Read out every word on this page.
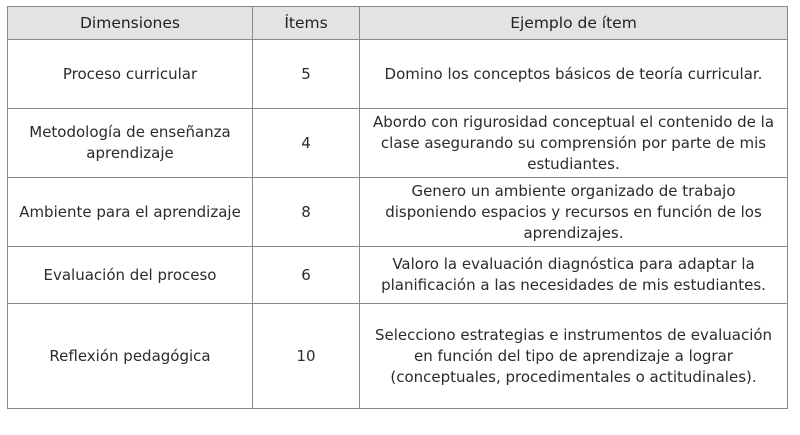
Dimensiones	Ítems	Ejemplo de ítem
Proceso curricular	5	Domino los conceptos básicos de teoría curricular.
Metodología de enseñanza aprendizaje	4	Abordo con rigurosidad conceptual el contenido de la clase asegurando su comprensión por parte de mis estudiantes.
Ambiente para el aprendizaje	8	Genero un ambiente organizado de trabajo disponiendo espacios y recursos en función de los aprendizajes.
Evaluación del proceso	6	Valoro la evaluación diagnóstica para adaptar la planificación a las necesidades de mis estudiantes.
Reflexión pedagógica	10	Selecciono estrategias e instrumentos de evaluación en función del tipo de aprendizaje a lograr (conceptuales, procedimentales o actitudinales).
